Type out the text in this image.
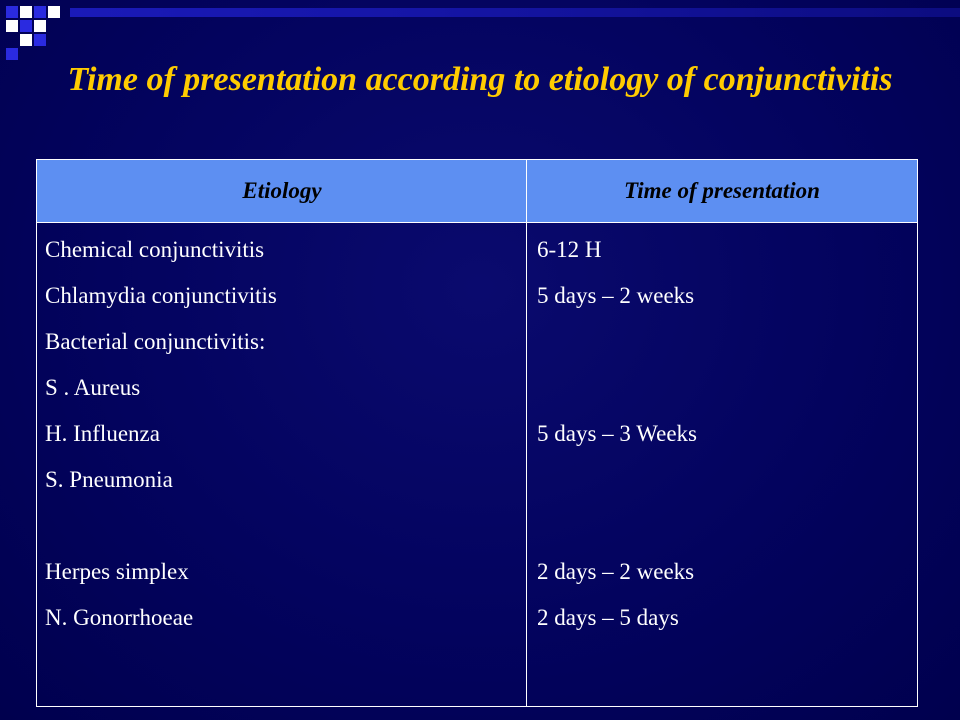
Time of presentation according to etiology of conjunctivitis
Etiology	Time of presentation
Chemical conjunctivitis
Chlamydia conjunctivitis
Bacterial conjunctivitis:
S . Aureus
H. Influenza
S. Pneumonia
Herpes simplex
N. Gonorrhoeae
6-12 H
5 days – 2 weeks
5 days – 3 Weeks
2 days – 2 weeks
2 days – 5 days
